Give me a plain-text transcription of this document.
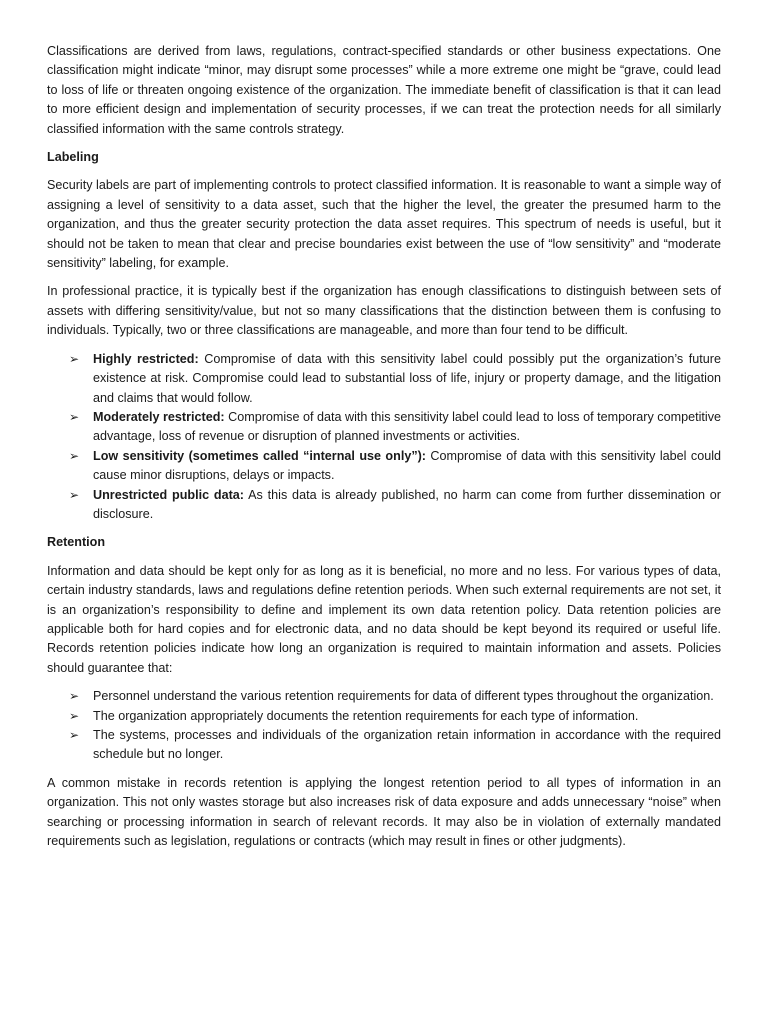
Classifications are derived from laws, regulations, contract-specified standards or other business expectations. One classification might indicate “minor, may disrupt some processes” while a more extreme one might be “grave, could lead to loss of life or threaten ongoing existence of the organization. The immediate benefit of classification is that it can lead to more efficient design and implementation of security processes, if we can treat the protection needs for all similarly classified information with the same controls strategy.

Labeling

Security labels are part of implementing controls to protect classified information. It is reasonable to want a simple way of assigning a level of sensitivity to a data asset, such that the higher the level, the greater the presumed harm to the organization, and thus the greater security protection the data asset requires. This spectrum of needs is useful, but it should not be taken to mean that clear and precise boundaries exist between the use of “low sensitivity” and “moderate sensitivity” labeling, for example.

In professional practice, it is typically best if the organization has enough classifications to distinguish between sets of assets with differing sensitivity/value, but not so many classifications that the distinction between them is confusing to individuals. Typically, two or three classifications are manageable, and more than four tend to be difficult.

➢ Highly restricted: Compromise of data with this sensitivity label could possibly put the organization’s future existence at risk. Compromise could lead to substantial loss of life, injury or property damage, and the litigation and claims that would follow.
➢ Moderately restricted: Compromise of data with this sensitivity label could lead to loss of temporary competitive advantage, loss of revenue or disruption of planned investments or activities.
➢ Low sensitivity (sometimes called “internal use only”): Compromise of data with this sensitivity label could cause minor disruptions, delays or impacts.
➢ Unrestricted public data: As this data is already published, no harm can come from further dissemination or disclosure.

Retention

Information and data should be kept only for as long as it is beneficial, no more and no less. For various types of data, certain industry standards, laws and regulations define retention periods. When such external requirements are not set, it is an organization’s responsibility to define and implement its own data retention policy. Data retention policies are applicable both for hard copies and for electronic data, and no data should be kept beyond its required or useful life. Records retention policies indicate how long an organization is required to maintain information and assets. Policies should guarantee that:

➢ Personnel understand the various retention requirements for data of different types throughout the organization.
➢ The organization appropriately documents the retention requirements for each type of information.
➢ The systems, processes and individuals of the organization retain information in accordance with the required schedule but no longer.

A common mistake in records retention is applying the longest retention period to all types of information in an organization. This not only wastes storage but also increases risk of data exposure and adds unnecessary “noise” when searching or processing information in search of relevant records. It may also be in violation of externally mandated requirements such as legislation, regulations or contracts (which may result in fines or other judgments).
